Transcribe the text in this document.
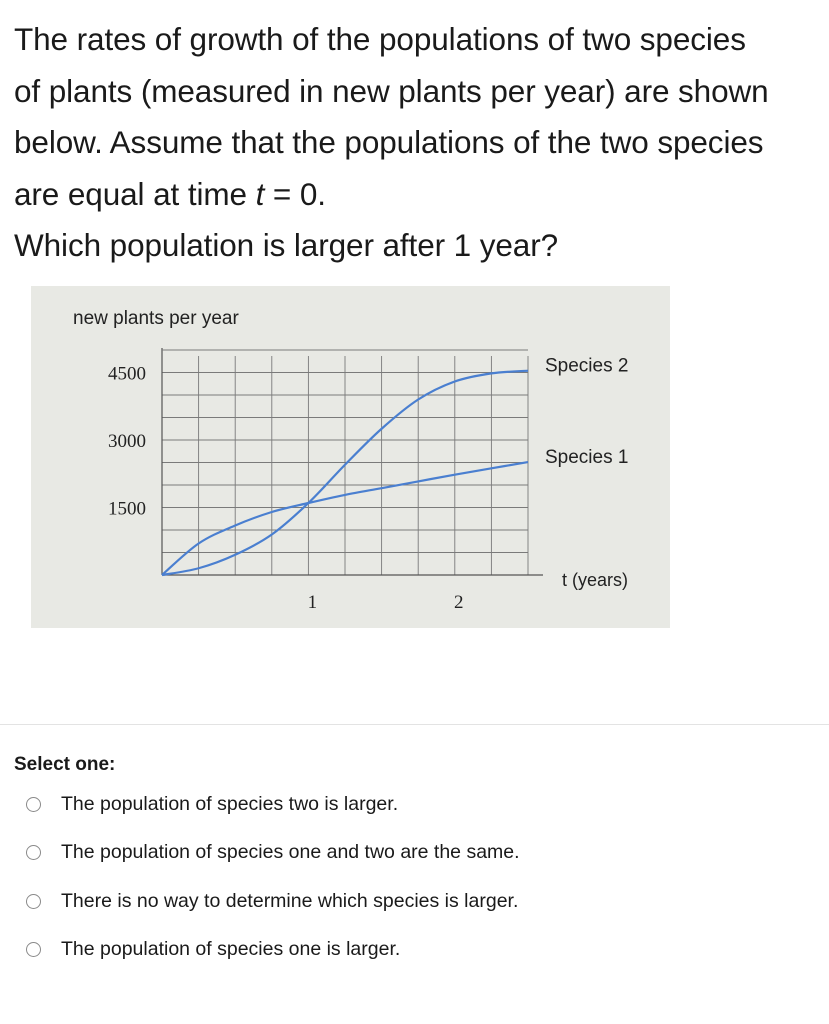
The rates of growth of the populations of two species

of plants (measured in new plants per year) are shown

below. Assume that the populations of the two species

are equal at time t = 0.

Which population is larger after 1 year?

new plants per year
4500
3000
1500
1	2
Species 2
Species 1
t (years)
Select one:
The population of species two is larger.
The population of species one and two are the same.
There is no way to determine which species is larger.
The population of species one is larger.
